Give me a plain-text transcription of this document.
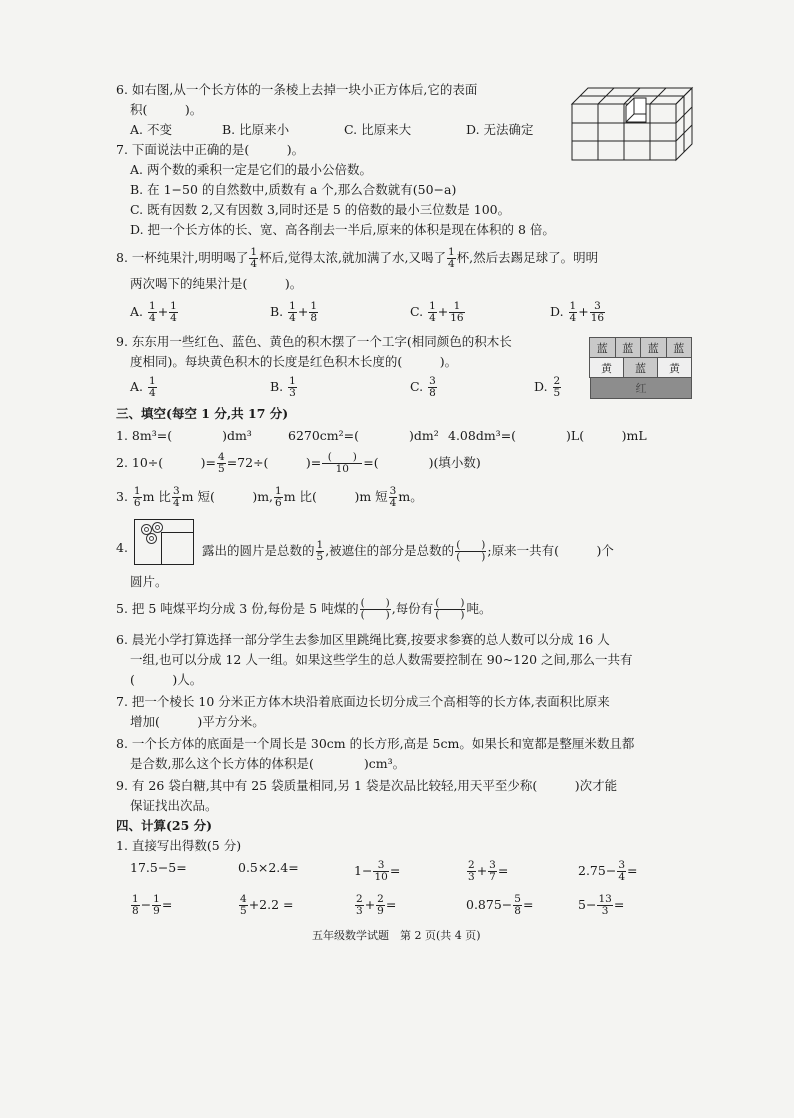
6. 如右图,从一个长方体的一条棱上去掉一块小正方体后,它的表面
积(　　　)。
A. 不变	B. 比原来小	C. 比原来大	D. 无法确定
7. 下面说法中正确的是(　　　)。
A. 两个数的乘积一定是它们的最小公倍数。
B. 在 1−50 的自然数中,质数有 a 个,那么合数就有(50−a)
C. 既有因数 2,又有因数 3,同时还是 5 的倍数的最小三位数是 100。
D. 把一个长方体的长、宽、高各削去一半后,原来的体积是现在体积的 8 倍。
8. 一杯纯果汁,明明喝了 $\frac{1}{4}$ 杯后,觉得太浓,就加满了水,又喝了 $\frac{1}{4}$ 杯,然后去踢足球了。明明
两次喝下的纯果汁是(　　　)。
A. $\frac{1}{4} + \frac{1}{4}$	B. $\frac{1}{4} + \frac{1}{8}$	C. $\frac{1}{4} + \frac{1}{16}$	D. $\frac{1}{4} + \frac{3}{16}$
9. 东东用一些红色、蓝色、黄色的积木摆了一个工字(相同颜色的积木长
度相同)。每块黄色积木的长度是红色积木长度的(　　　)。
A. $\frac{1}{4}$	B. $\frac{1}{3}$	C. $\frac{3}{8}$	D. $\frac{2}{5}$
蓝	蓝	蓝	蓝
黄	蓝	黄
红
三、填空(每空 1 分,共 17 分)
1. 8m³=(　　　　)dm³	6270cm²=(　　　　)dm² 4.08dm³=(　　　　)L(　　　)mL
2. 10÷(　　　)= $\frac{4}{5} =72\div$(　　　)= (　　)
10	=(　　　　)(填小数)
3. $\frac{1}{6}$ m 比 $\frac{3}{4}$ m 短(　　　)m, $\frac{1}{6}$ m 比(　　　)m 短 $\frac{3}{4}$ m。
4.	露出的圆片是总数的 $\frac{1}{5}$ ,被遮住的部分是总数的 (　　)
(　　) ;原来一共有(　　　)个
圆片。
5. 把 5 吨煤平均分成 3 份,每份是 5 吨煤的 (　　)
(　　) ,每份有 (　　)
(　　) 吨。
6. 晨光小学打算选择一部分学生去参加区里跳绳比赛,按要求参赛的总人数可以分成 16 人
一组,也可以分成 12 人一组。如果这些学生的总人数需要控制在 90~120 之间,那么一共有
(　　　)人。
7. 把一个棱长 10 分米正方体木块沿着底面边长切分成三个高相等的长方体,表面积比原来
增加(　　　)平方分米。
8. 一个长方体的底面是一个周长是 30cm 的长方形,高是 5cm。如果长和宽都是整厘米数且都
是合数,那么这个长方体的体积是(　　　　)cm³。
9. 有 26 袋白糖,其中有 25 袋质量相同,另 1 袋是次品比较轻,用天平至少称(　　　)次才能
保证找出次品。
四、计算(25 分)
1. 直接写出得数(5 分)
17.5−5=	0.5×2.4=	$1- \frac{3}{10}$ =	$\frac{2}{3} + \frac{3}{7}$ =	$2.75- \frac{3}{4}$ =
$\frac{1}{8} - \frac{1}{9}$ =	$\frac{4}{5} +2.2$ =	$\frac{2}{3} + \frac{2}{9}$ =	$0.875- \frac{5}{8}$ =	$5- \frac{13}{3}$ =
五年级数学试题　第 2 页(共 4 页)
